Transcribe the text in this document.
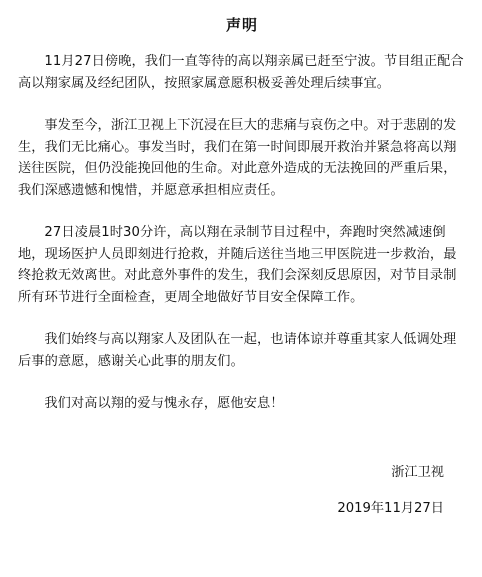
声明

11月27日傍晚，我们一直等待的高以翔亲属已赶至宁波。节目组正配合高以翔家属及经纪团队，按照家属意愿积极妥善处理后续事宜。

事发至今，浙江卫视上下沉浸在巨大的悲痛与哀伤之中。对于悲剧的发生，我们无比痛心。事发当时，我们在第一时间即展开救治并紧急将高以翔送往医院，但仍没能挽回他的生命。对此意外造成的无法挽回的严重后果，我们深感遗憾和愧惜，并愿意承担相应责任。

27日凌晨1时30分许，高以翔在录制节目过程中，奔跑时突然减速倒地，现场医护人员即刻进行抢救，并随后送往当地三甲医院进一步救治，最终抢救无效离世。对此意外事件的发生，我们会深刻反思原因，对节目录制所有环节进行全面检查，更周全地做好节目安全保障工作。

我们始终与高以翔家人及团队在一起，也请体谅并尊重其家人低调处理后事的意愿，感谢关心此事的朋友们。

我们对高以翔的爱与愧永存，愿他安息！

浙江卫视
2019年11月27日
